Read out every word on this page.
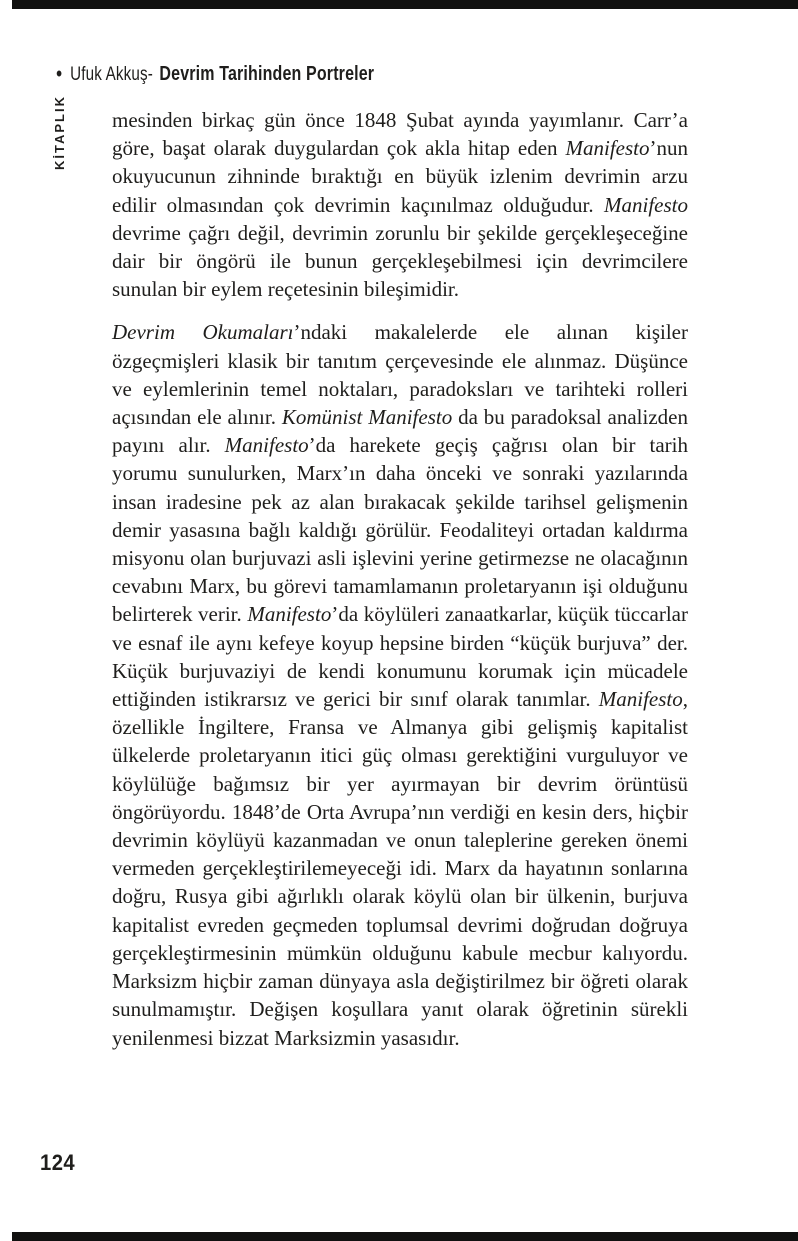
• Ufuk Akkuş- Devrim Tarihinden Portreler
KİTAPLIK mesinden birkaç gün önce 1848 Şubat ayında yayımlanır. Carr’a göre, başat olarak duygulardan çok akla hitap eden Manifesto’nun okuyucunun zihninde bıraktığı en büyük izlenim devrimin arzu edilir olmasından çok devrimin kaçınılmaz olduğudur. Manifesto devrime çağrı değil, devrimin zorunlu bir şekilde gerçekleşeceğine dair bir öngörü ile bunun gerçekleşebilmesi için devrimcilere sunulan bir eylem reçetesinin bileşimidir.

Devrim Okumaları’ndaki makalelerde ele alınan kişiler özgeçmişleri klasik bir tanıtım çerçevesinde ele alınmaz. Düşünce ve eylemlerinin temel noktaları, paradoksları ve tarihteki rolleri açısından ele alınır. Komünist Manifesto da bu paradoksal analizden payını alır. Manifesto’da harekete geçiş çağrısı olan bir tarih yorumu sunulurken, Marx’ın daha önceki ve sonraki yazılarında insan iradesine pek az alan bırakacak şekilde tarihsel gelişmenin demir yasasına bağlı kaldığı görülür. Feodaliteyi ortadan kaldırma misyonu olan burjuvazi asli işlevini yerine getirmezse ne olacağının cevabını Marx, bu görevi tamamlamanın proletaryanın işi olduğunu belirterek verir. Manifesto’da köylüleri zanaatkarlar, küçük tüccarlar ve esnaf ile aynı kefeye koyup hepsine birden “küçük burjuva” der. Küçük burjuvaziyi de kendi konumunu korumak için mücadele ettiğinden istikrarsız ve gerici bir sınıf olarak tanımlar. Manifesto, özellikle İngiltere, Fransa ve Almanya gibi gelişmiş kapitalist ülkelerde proletaryanın itici güç olması gerektiğini vurguluyor ve köylülüğe bağımsız bir yer ayırmayan bir devrim örüntüsü öngörüyordu. 1848’de Orta Avrupa’nın verdiği en kesin ders, hiçbir devrimin köylüyü kazanmadan ve onun taleplerine gereken önemi vermeden gerçekleştirilemeyeceği idi. Marx da hayatının sonlarına doğru, Rusya gibi ağırlıklı olarak köylü olan bir ülkenin, burjuva kapitalist evreden geçmeden toplumsal devrimi doğrudan doğruya gerçekleştirmesinin mümkün olduğunu kabule mecbur kalıyordu. Marksizm hiçbir zaman dünyaya asla değiştirilmez bir öğreti olarak sunulmamıştır. Değişen koşullara yanıt olarak öğretinin sürekli yenilenmesi bizzat Marksizmin yasasıdır.

124
